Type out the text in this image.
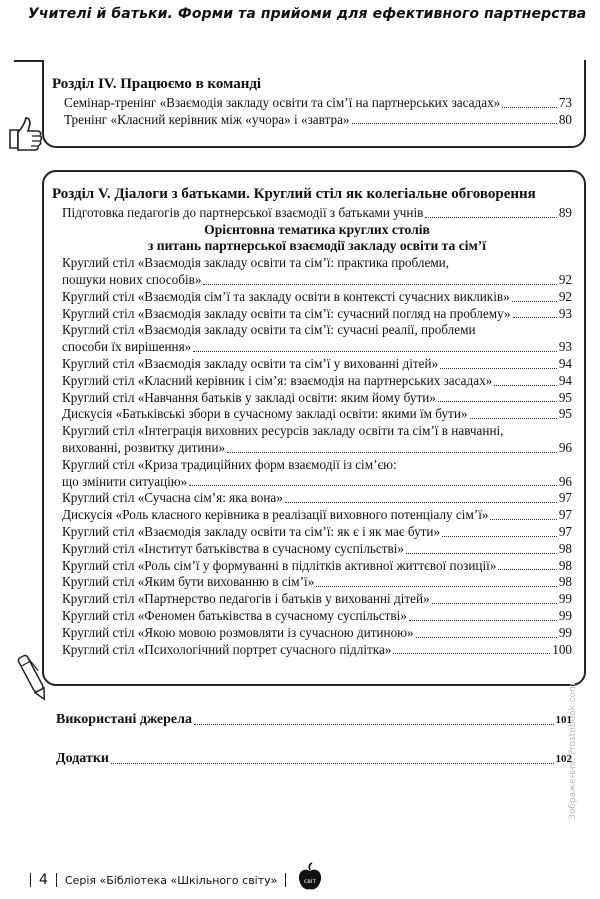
Учителі й батьки. Форми та прийоми для ефективного партнерства
Розділ IV. Працюємо в команді
Семінар-тренінг «Взаємодія закладу освіти та сім’ї на партнерських засадах»	73
Тренінг «Класний керівник між «учора» і «завтра»	80
Розділ V. Діалоги з батьками. Круглий стіл як колегіальне обговорення
Підготовка педагогів до партнерської взаємодії з батьками учнів	89
Орієнтовна тематика круглих столів
з питань партнерської взаємодії закладу освіти та сім’ї
Круглий стіл «Взаємодія закладу освіти та сім’ї: практика проблеми,
пошуки нових способів»	92
Круглий стіл «Взаємодія сім’ї та закладу освіти в контексті сучасних викликів»	92
Круглий стіл «Взаємодія закладу освіти та сім’ї: сучасний погляд на проблему»	93
Круглий стіл «Взаємодія закладу освіти та сім’ї: сучасні реалії, проблеми
способи їх вирішення»	93
Круглий стіл «Взаємодія закладу освіти та сім’ї у вихованні дітей»	94
Круглий стіл «Класний керівник і сім’я: взаємодія на партнерських засадах»	94
Круглий стіл «Навчання батьків у закладі освіти: яким йому бути»	95
Дискусія «Батьківські збори в сучасному закладі освіти: якими їм бути»	95
Круглий стіл «Інтеграція виховних ресурсів закладу освіти та сім’ї в навчанні,
вихованні, розвитку дитини»	96
Круглий стіл «Криза традиційних форм взаємодії із сім’єю:
що змінити ситуацію»	96
Круглий стіл «Сучасна сім’я: яка вона»	97
Дискусія «Роль класного керівника в реалізації виховного потенціалу сім’ї»	97
Круглий стіл «Взаємодія закладу освіти та сім’ї: як є і як має бути»	97
Круглий стіл «Інститут батьківства в сучасному суспільстві»	98
Круглий стіл «Роль сім’ї у формуванні в підлітків активної життєвої позиції»	98
Круглий стіл «Яким бути вихованню в сім’ї»	98
Круглий стіл «Партнерство педагогів і батьків у вихованні дітей»	99
Круглий стіл «Феномен батьківства в сучасному суспільстві»	99
Круглий стіл «Якою мовою розмовляти із сучасною дитиною»	99
Круглий стіл «Психологічний портрет сучасного підлітка»	100
Використані джерела	101
Додатки	102
Зображення: Prostobook.com
4 Серія «Бібліотека «Шкільного світу»	світ
